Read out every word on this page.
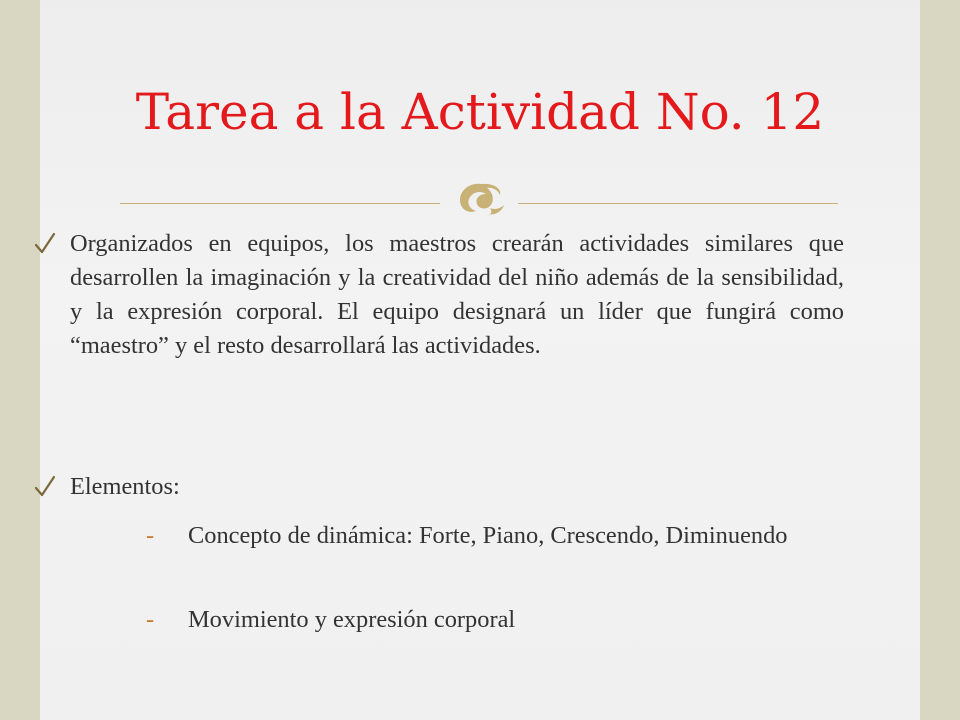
Tarea a la Actividad No. 12
Organizados en equipos, los maestros crearán actividades similares que desarrollen la imaginación y la creatividad del niño además de la sensibilidad, y la expresión corporal. El equipo designará un líder que fungirá como “maestro” y el resto desarrollará las actividades.
Elementos:
- Concepto de dinámica: Forte, Piano, Crescendo, Diminuendo
- Movimiento y expresión corporal
